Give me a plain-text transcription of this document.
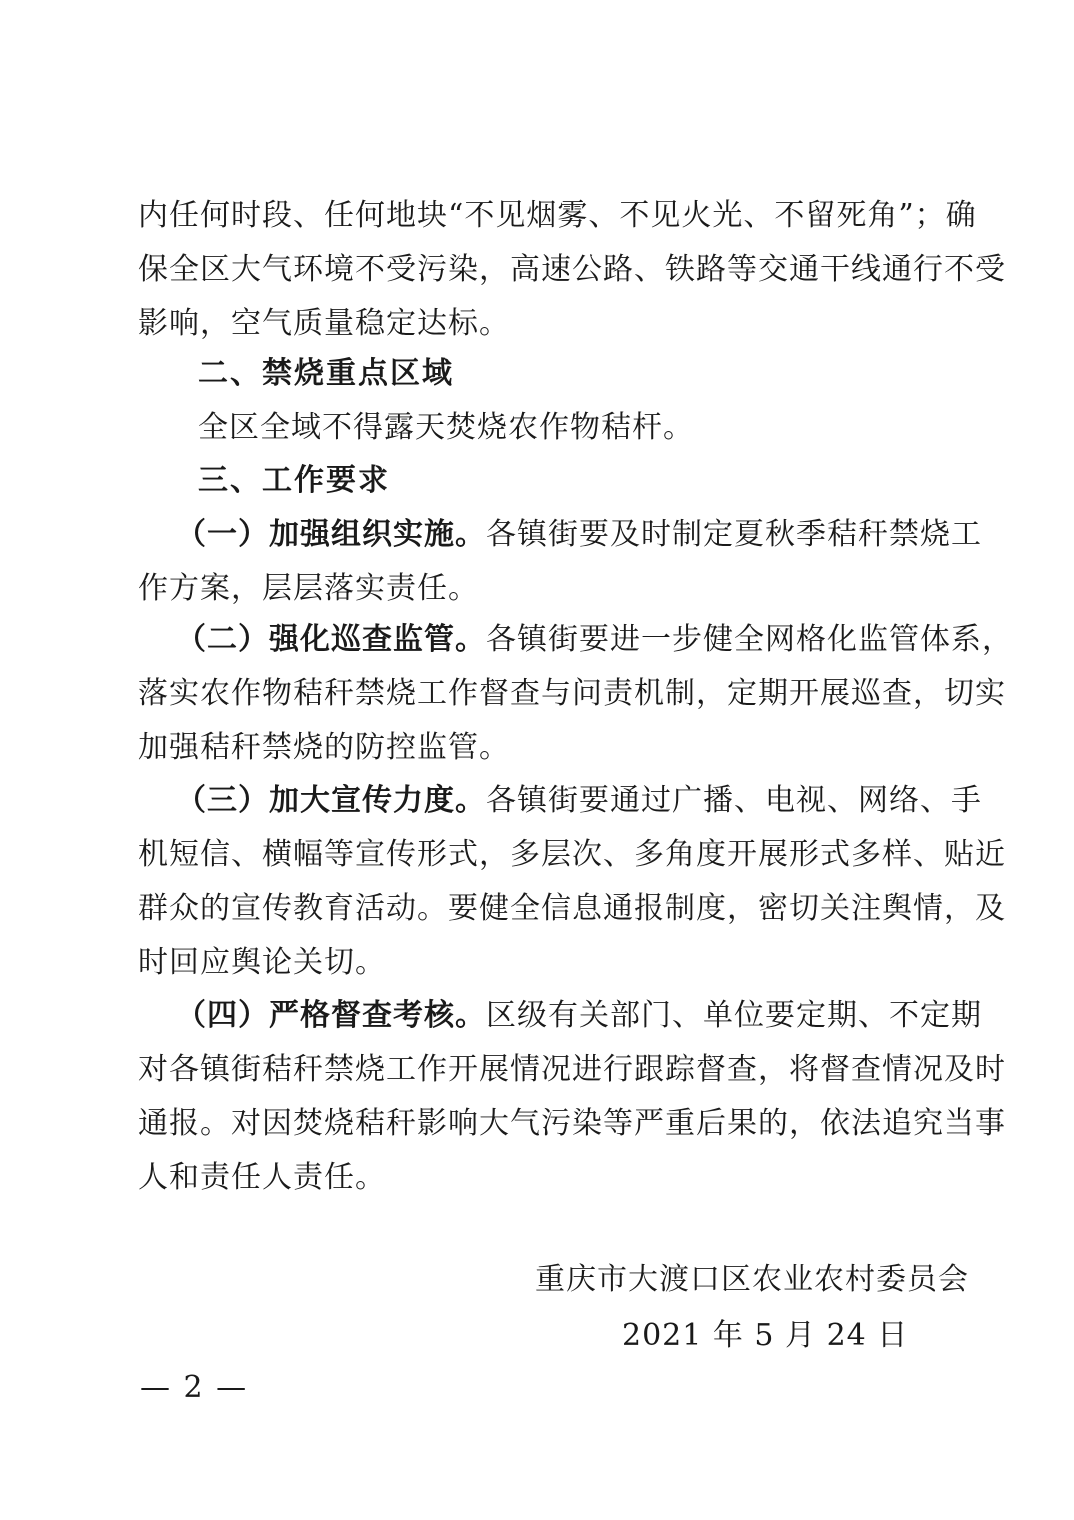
内任何时段、任何地块“不见烟雾、不见火光、不留死角”；确
保全区大气环境不受污染，高速公路、铁路等交通干线通行不受
影响，空气质量稳定达标。
二、禁烧重点区域
全区全域不得露天焚烧农作物秸杆。
三、工作要求
（一）加强组织实施。各镇街要及时制定夏秋季秸秆禁烧工
作方案，层层落实责任。
（二）强化巡查监管。各镇街要进一步健全网格化监管体系，
落实农作物秸秆禁烧工作督查与问责机制，定期开展巡查，切实
加强秸秆禁烧的防控监管。
（三）加大宣传力度。各镇街要通过广播、电视、网络、手
机短信、横幅等宣传形式，多层次、多角度开展形式多样、贴近
群众的宣传教育活动。要健全信息通报制度，密切关注舆情，及
时回应舆论关切。
（四）严格督查考核。区级有关部门、单位要定期、不定期
对各镇街秸秆禁烧工作开展情况进行跟踪督查，将督查情况及时
通报。对因焚烧秸秆影响大气污染等严重后果的，依法追究当事
人和责任人责任。
重庆市大渡口区农业农村委员会
2021 年 5 月 24 日
— 2 —
